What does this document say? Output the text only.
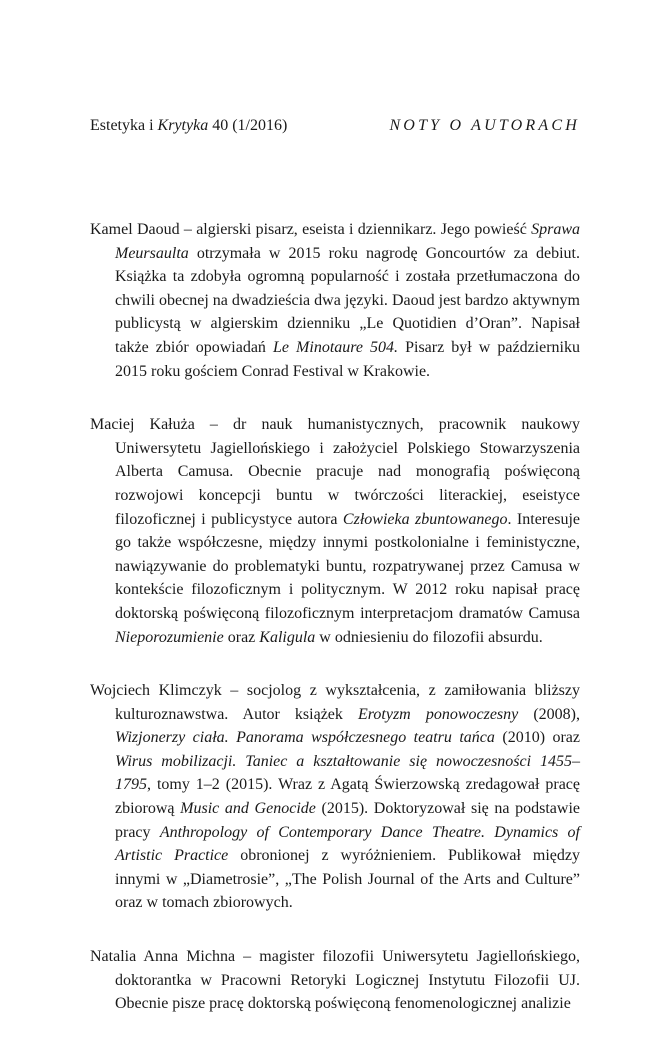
Estetyka i Krytyka 40 (1/2016)	NOTY O AUTORACH

Kamel Daoud – algierski pisarz, eseista i dziennikarz. Jego powieść Sprawa Meursaulta otrzymała w 2015 roku nagrodę Goncourtów za debiut. Książka ta zdobyła ogromną popularność i została przetłumaczona do chwili obecnej na dwadzieścia dwa języki. Daoud jest bardzo aktywnym publicystą w algierskim dzienniku „Le Quotidien d’Oran”. Napisał także zbiór opowiadań Le Minotaure 504. Pisarz był w październiku 2015 roku gościem Conrad Festival w Krakowie.

Maciej Kałuża – dr nauk humanistycznych, pracownik naukowy Uniwersytetu Jagiellońskiego i założyciel Polskiego Stowarzyszenia Alberta Camusa. Obecnie pracuje nad monografią poświęconą rozwojowi koncepcji buntu w twórczości literackiej, eseistyce filozoficznej i publicystyce autora Człowieka zbuntowanego. Interesuje go także współczesne, między innymi postkolonialne i feministyczne, nawiązywanie do problematyki buntu, rozpatrywanej przez Camusa w kontekście filozoficznym i politycznym. W 2012 roku napisał pracę doktorską poświęconą filozoficznym interpretacjom dramatów Camusa Nieporozumienie oraz Kaligula w odniesieniu do filozofii absurdu.

Wojciech Klimczyk – socjolog z wykształcenia, z zamiłowania bliższy kulturoznawstwa. Autor książek Erotyzm ponowoczesny (2008), Wizjonerzy ciała. Panorama współczesnego teatru tańca (2010) oraz Wirus mobilizacji. Taniec a kształtowanie się nowoczesności 1455–1795, tomy 1–2 (2015). Wraz z Agatą Świerzowską zredagował pracę zbiorową Music and Genocide (2015). Doktoryzował się na podstawie pracy Anthropology of Contemporary Dance Theatre. Dynamics of Artistic Practice obronionej z wyróżnieniem. Publikował między innymi w „Diametrosie”, „The Polish Journal of the Arts and Culture” oraz w tomach zbiorowych.

Natalia Anna Michna – magister filozofii Uniwersytetu Jagiellońskiego, doktorantka w Pracowni Retoryki Logicznej Instytutu Filozofii UJ. Obecnie pisze pracę doktorską poświęconą fenomenologicznej analizie
